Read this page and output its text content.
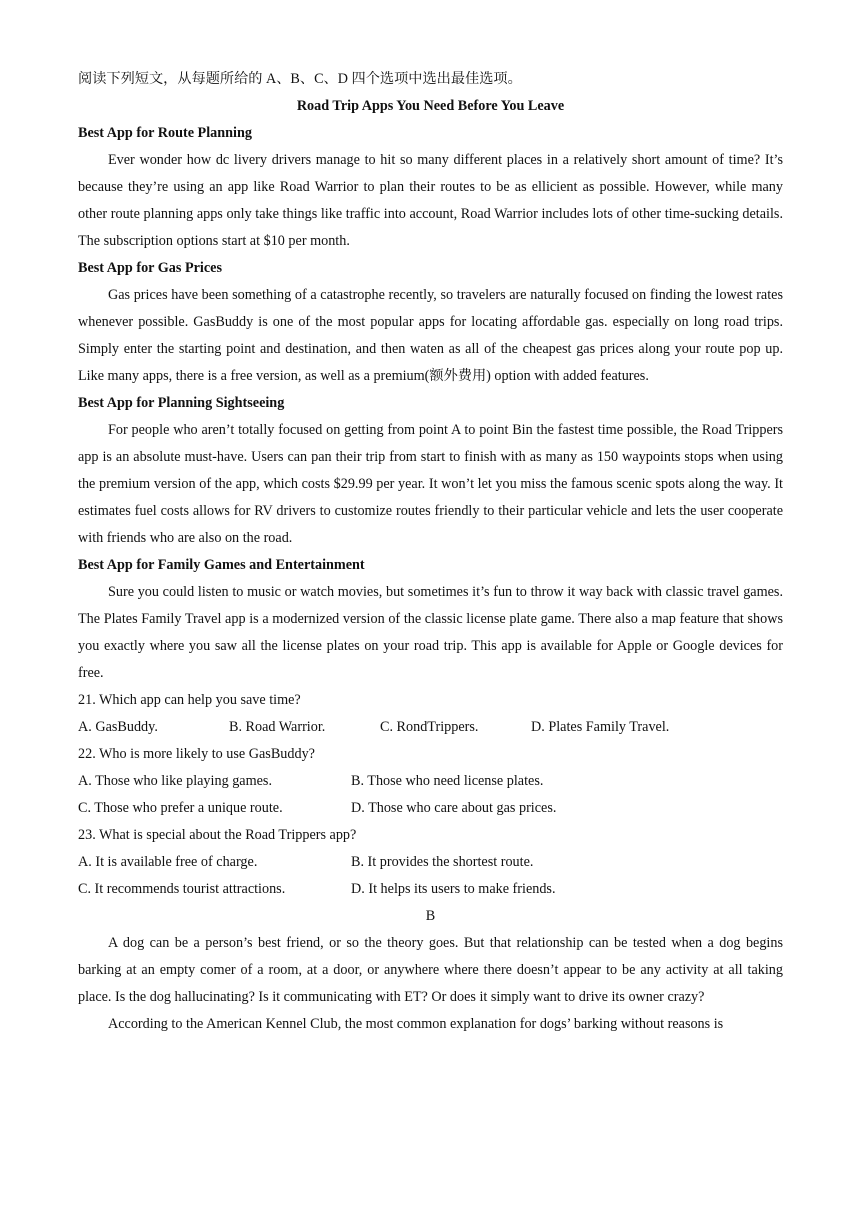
阅读下列短文，从每题所给的 A、B、C、D 四个选项中选出最佳选项。
Road Trip Apps You Need Before You Leave
Best App for Route Planning

Ever wonder how dc livery drivers manage to hit so many different places in a relatively short amount of time? It’s because they’re using an app like Road Warrior to plan their routes to be as ellicient as possible. However, while many other route planning apps only take things like traffic into account, Road Warrior includes lots of other time-sucking details. The subscription options start at $10 per month.

Best App for Gas Prices

Gas prices have been something of a catastrophe recently, so travelers are naturally focused on finding the lowest rates whenever possible. GasBuddy is one of the most popular apps for locating affordable gas. especially on long road trips. Simply enter the starting point and destination, and then waten as all of the cheapest gas prices along your route pop up. Like many apps, there is a free version, as well as a premium(额外费用) option with added features.

Best App for Planning Sightseeing

For people who aren’t totally focused on getting from point A to point Bin the fastest time possible, the Road Trippers app is an absolute must-have. Users can pan their trip from start to finish with as many as 150 waypoints stops when using the premium version of the app, which costs $29.99 per year. It won’t let you miss the famous scenic spots along the way. It estimates fuel costs allows for RV drivers to customize routes friendly to their particular vehicle and lets the user cooperate with friends who are also on the road.

Best App for Family Games and Entertainment

Sure you could listen to music or watch movies, but sometimes it’s fun to throw it way back with classic travel games. The Plates Family Travel app is a modernized version of the classic license plate game. There also a map feature that shows you exactly where you saw all the license plates on your road trip. This app is available for Apple or Google devices for free.

21. Which app can help you save time?
A. GasBuddy.	B. Road Warrior.	C. RondTrippers.	D. Plates Family Travel.
22. Who is more likely to use GasBuddy?
A. Those who like playing games.	B. Those who need license plates.
C. Those who prefer a unique route.	D. Those who care about gas prices.
23. What is special about the Road Trippers app?
A. It is available free of charge.	B. It provides the shortest route.
C. It recommends tourist attractions.	D. It helps its users to make friends.
B

A dog can be a person’s best friend, or so the theory goes. But that relationship can be tested when a dog begins barking at an empty comer of a room, at a door, or anywhere where there doesn’t appear to be any activity at all taking place. Is the dog hallucinating? Is it communicating with ET? Or does it simply want to drive its owner crazy?

According to the American Kennel Club, the most common explanation for dogs’ barking without reasons is
